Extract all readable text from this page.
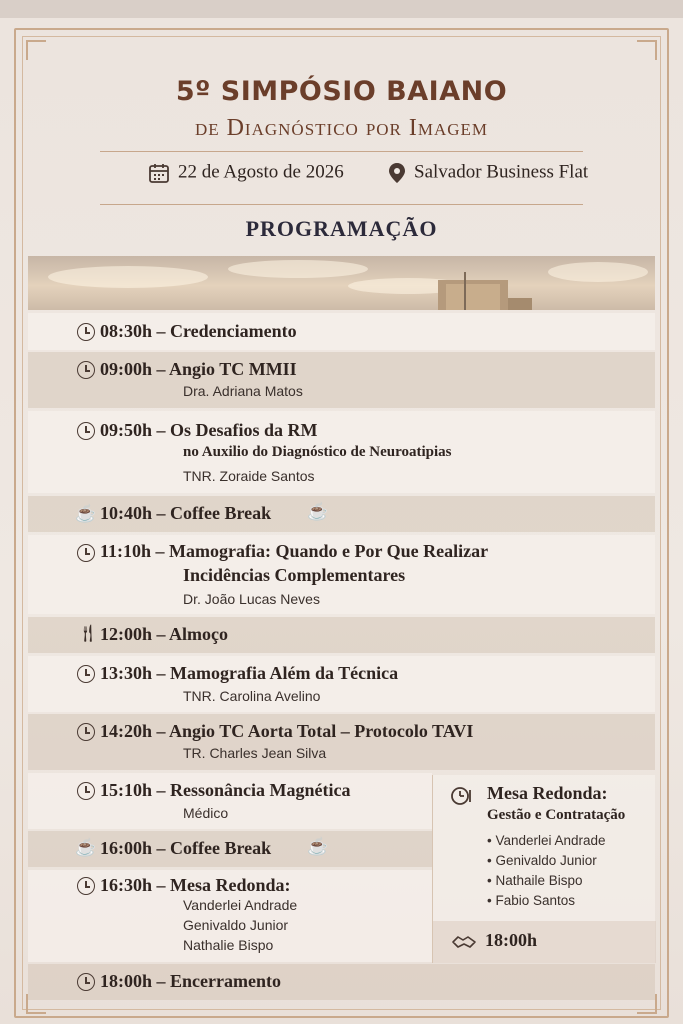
5º SIMPÓSIO BAIANO
de Diagnóstico por Imagem
22 de Agosto de 2026	Salvador Business Flat
PROGRAMAÇÃO
08:30h – Credenciamento
09:00h – Angio TC MMII
Dra. Adriana Matos
09:50h – Os Desafios da RM
no Auxilio do Diagnóstico de Neuroatipias
TNR. Zoraide Santos
☕ 10:40h – Coffee Break ☕
11:10h – Mamografia: Quando e Por Que Realizar
Incidências Complementares
Dr. João Lucas Neves
🍴︎ 12:00h – Almoço
13:30h – Mamografia Além da Técnica
TNR. Carolina Avelino
14:20h – Angio TC Aorta Total – Protocolo TAVI
TR. Charles Jean Silva
15:10h – Ressonância Magnética
Médico
☕ 16:00h – Coffee Break ☕
16:30h – Mesa Redonda:
Vanderlei Andrade
Genivaldo Junior
Nathalie Bispo
Mesa Redonda:
Gestão e Contratação
• Vanderlei Andrade
• Genivaldo Junior
• Nathaile Bispo
• Fabio Santos
18:00h
18:00h – Encerramento
